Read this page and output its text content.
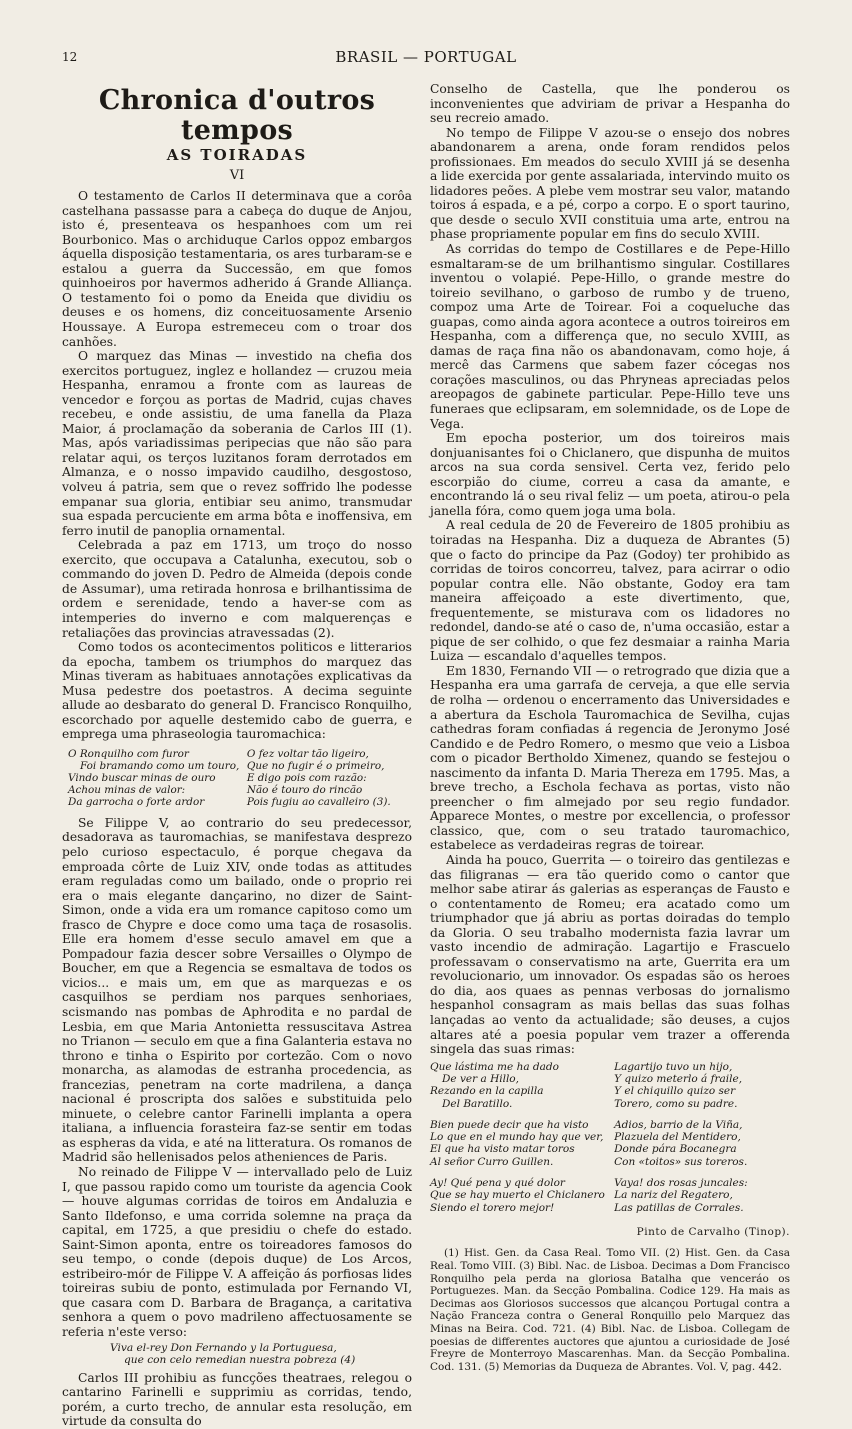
12	BRASIL — PORTUGAL
Chronica d'outros tempos
AS TOIRADAS
VI

O testamento de Carlos II determinava que a corôa castelhana passasse para a cabeça do duque de Anjou, isto é, presenteava os hespanhoes com um rei Bourbonico. Mas o archiduque Carlos oppoz embargos áquella disposição testamentaria, os ares turbaram-se e estalou a guerra da Successão, em que fomos quinhoeiros por havermos adherido á Grande Alliança. O testamento foi o pomo da Eneida que dividiu os deuses e os homens, diz conceituosamente Arsenio Houssaye. A Europa estremeceu com o troar dos canhões.

O marquez das Minas — investido na chefia dos exercitos portuguez, inglez e hollandez — cruzou meia Hespanha, enramou a fronte com as laureas de vencedor e forçou as portas de Madrid, cujas chaves recebeu, e onde assistiu, de uma fanella da Plaza Maior, á proclamação da soberania de Carlos III (1). Mas, após variadissimas peripecias que não são para relatar aqui, os terços luzitanos foram derrotados em Almanza, e o nosso impavido caudilho, desgostoso, volveu á patria, sem que o revez soffrido lhe podesse empanar sua gloria, entibiar seu animo, transmudar sua espada percuciente em arma bôta e inoffensiva, em ferro inutil de panoplia ornamental.

Celebrada a paz em 1713, um troço do nosso exercito, que occupava a Catalunha, executou, sob o commando do joven D. Pedro de Almeida (depois conde de Assumar), uma retirada honrosa e brilhantissima de ordem e serenidade, tendo a haver-se com as intemperies do inverno e com malquerenças e retaliações das provincias atravessadas (2).

Como todos os acontecimentos politicos e litterarios da epocha, tambem os triumphos do marquez das Minas tiveram as habituaes annotações explicativas da Musa pedestre dos poetastros. A decima seguinte allude ao desbarato do general D. Francisco Ronquilho, escorchado por aquelle destemido cabo de guerra, e emprega uma phraseologia tauromachica:

O Ronquilho com furor
Foi bramando como um touro,
Vindo buscar minas de ouro
Achou minas de valor:
Da garrocha o forte ardor
O fez voltar tão ligeiro,
Que no fugir é o primeiro,
E digo pois com razão:
Não é touro do rincão
Pois fugiu ao cavalleiro (3).

Se Filippe V, ao contrario do seu predecessor, desadorava as tauromachias, se manifestava desprezo pelo curioso espectaculo, é porque chegava da emproada côrte de Luiz XIV, onde todas as attitudes eram reguladas como um bailado, onde o proprio rei era o mais elegante dançarino, no dizer de Saint-Simon, onde a vida era um romance capitoso como um frasco de Chypre e doce como uma taça de rosasolis. Elle era homem d'esse seculo amavel em que a Pompadour fazia descer sobre Versailles o Olympo de Boucher, em que a Regencia se esmaltava de todos os vicios... e mais um, em que as marquezas e os casquilhos se perdiam nos parques senhoriaes, scismando nas pombas de Aphrodita e no pardal de Lesbia, em que Maria Antonietta ressuscitava Astrea no Trianon — seculo em que a fina Galanteria estava no throno e tinha o Espirito por cortezão. Com o novo monarcha, as alamodas de estranha procedencia, as francezias, penetram na corte madrilena, a dança nacional é proscripta dos salões e substituida pelo minuete, o celebre cantor Farinelli implanta a opera italiana, a influencia forasteira faz-se sentir em todas as espheras da vida, e até na litteratura. Os romanos de Madrid são hellenisados pelos atheniences de Paris.

No reinado de Filippe V — intervallado pelo de Luiz I, que passou rapido como um touriste da agencia Cook — houve algumas corridas de toiros em Andaluzia e Santo Ildefonso, e uma corrida solemne na praça da capital, em 1725, a que presidiu o chefe do estado. Saint-Simon aponta, entre os toireadores famosos do seu tempo, o conde (depois duque) de Los Arcos, estribeiro-mór de Filippe V. A affeição ás porfiosas lides toireiras subiu de ponto, estimulada por Fernando VI, que casara com D. Barbara de Bragança, a caritativa senhora a quem o povo madrileno affectuosamente se referia n'este verso:

Viva el-rey Don Fernando y la Portuguesa,
que con celo remedian nuestra pobreza (4)

Carlos III prohibiu as funcções theatraes, relegou o cantarino Farinelli e supprimiu as corridas, tendo, porém, a curto trecho, de annular esta resolução, em virtude da consulta do

Conselho de Castella, que lhe ponderou os inconvenientes que adviriam de privar a Hespanha do seu recreio amado.

No tempo de Filippe V azou-se o ensejo dos nobres abandonarem a arena, onde foram rendidos pelos profissionaes. Em meados do seculo XVIII já se desenha a lide exercida por gente assalariada, intervindo muito os lidadores peões. A plebe vem mostrar seu valor, matando toiros á espada, e a pé, corpo a corpo. E o sport taurino, que desde o seculo XVII constituia uma arte, entrou na phase propriamente popular em fins do seculo XVIII.

As corridas do tempo de Costillares e de Pepe-Hillo esmaltaram-se de um brilhantismo singular. Costillares inventou o volapié. Pepe-Hillo, o grande mestre do toireio sevilhano, o garboso de rumbo y de trueno, compoz uma Arte de Toirear. Foi a coqueluche das guapas, como ainda agora acontece a outros toireiros em Hespanha, com a differença que, no seculo XVIII, as damas de raça fina não os abandonavam, como hoje, á mercê das Carmens que sabem fazer cócegas nos corações masculinos, ou das Phryneas apreciadas pelos areopagos de gabinete particular. Pepe-Hillo teve uns funeraes que eclipsaram, em solemnidade, os de Lope de Vega.

Em epocha posterior, um dos toireiros mais donjuanisantes foi o Chiclanero, que dispunha de muitos arcos na sua corda sensivel. Certa vez, ferido pelo escorpião do ciume, correu a casa da amante, e encontrando lá o seu rival feliz — um poeta, atirou-o pela janella fóra, como quem joga uma bola.

A real cedula de 20 de Fevereiro de 1805 prohibiu as toiradas na Hespanha. Diz a duqueza de Abrantes (5) que o facto do principe da Paz (Godoy) ter prohibido as corridas de toiros concorreu, talvez, para acirrar o odio popular contra elle. Não obstante, Godoy era tam maneira affeiçoado a este divertimento, que, frequentemente, se misturava com os lidadores no redondel, dando-se até o caso de, n'uma occasião, estar a pique de ser colhido, o que fez desmaiar a rainha Maria Luiza — escandalo d'aquelles tempos.

Em 1830, Fernando VII — o retrogrado que dizia que a Hespanha era uma garrafa de cerveja, a que elle servia de rolha — ordenou o encerramento das Universidades e a abertura da Eschola Tauromachica de Sevilha, cujas cathedras foram confiadas á regencia de Jeronymo José Candido e de Pedro Romero, o mesmo que veio a Lisboa com o picador Bertholdo Ximenez, quando se festejou o nascimento da infanta D. Maria Thereza em 1795. Mas, a breve trecho, a Eschola fechava as portas, visto não preencher o fim almejado por seu regio fundador. Apparece Montes, o mestre por excellencia, o professor classico, que, com o seu tratado tauromachico, estabelece as verdadeiras regras de toirear.

Ainda ha pouco, Guerrita — o toireiro das gentilezas e das filigranas — era tão querido como o cantor que melhor sabe atirar ás galerias as esperanças de Fausto e o contentamento de Romeu; era acatado como um triumphador que já abriu as portas doiradas do templo da Gloria. O seu trabalho modernista fazia lavrar um vasto incendio de admiração. Lagartijo e Frascuelo professavam o conservatismo na arte, Guerrita era um revolucionario, um innovador. Os espadas são os heroes do dia, aos quaes as pennas verbosas do jornalismo hespanhol consagram as mais bellas das suas folhas lançadas ao vento da actualidade; são deuses, a cujos altares até a poesia popular vem trazer a offerenda singela das suas rimas:

Que lástima me ha dado
De ver a Hillo,
Rezando en la capilla
Del Baratillo.
Bien puede decir que ha visto
Lo que en el mundo hay que ver,
El que ha visto matar toros
Al señor Curro Guillen.
Ay! Qué pena y qué dolor
Que se hay muerto el Chiclanero
Siendo el torero mejor!
Lagartijo tuvo un hijo,
Y quizo meterlo á fraile,
Y el chiquillo quizo ser
Torero, como su padre.
Adios, barrio de la Viña,
Plazuela del Mentidero,
Donde pára Bocanegra
Con «toitos» sus toreros.
Vaya! dos rosas juncales:
La nariz del Regatero,
Las patillas de Corrales.
Pinto de Carvalho (Tinop).

(1) Hist. Gen. da Casa Real. Tomo VII. (2) Hist. Gen. da Casa Real. Tomo VIII. (3) Bibl. Nac. de Lisboa. Decimas a Dom Francisco Ronquilho pela perda na gloriosa Batalha que venceráo os Portuguezes. Man. da Secção Pombalina. Codice 129. Ha mais as Decimas aos Gloriosos successos que alcançou Portugal contra a Nação Franceza contra o General Ronquillo pelo Marquez das Minas na Beira. Cod. 721. (4) Bibl. Nac. de Lisboa. Collegam de poesias de differentes auctores que ajuntou a curiosidade de José Freyre de Monterroyo Mascarenhas. Man. da Secção Pombalina. Cod. 131. (5) Memorias da Duqueza de Abrantes. Vol. V, pag. 442.
